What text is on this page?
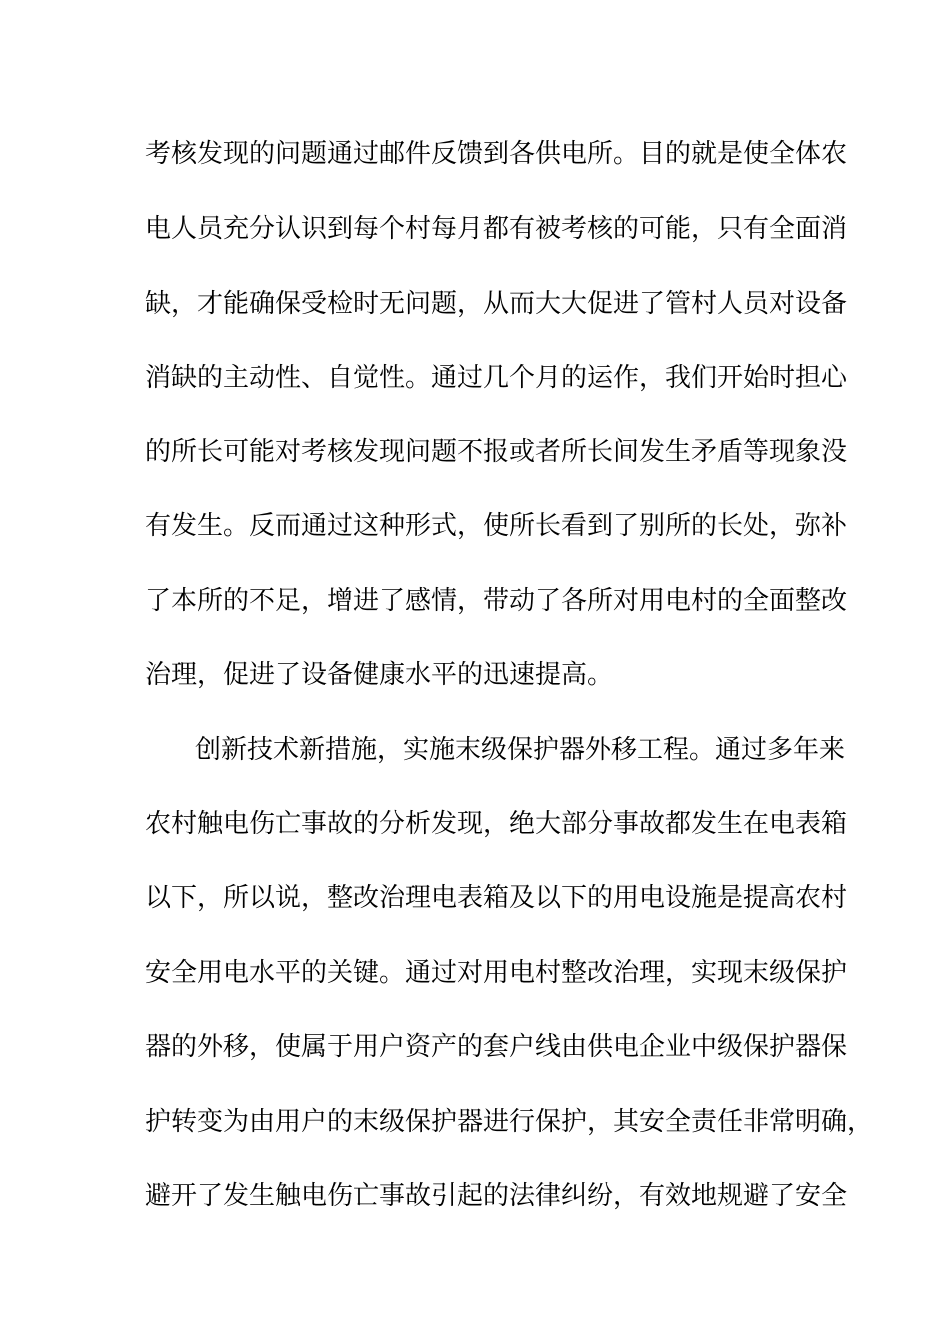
考核发现的问题通过邮件反馈到各供电所。目的就是使全体农
电人员充分认识到每个村每月都有被考核的可能，只有全面消
缺，才能确保受检时无问题，从而大大促进了管村人员对设备
消缺的主动性、自觉性。通过几个月的运作，我们开始时担心
的所长可能对考核发现问题不报或者所长间发生矛盾等现象没
有发生。反而通过这种形式，使所长看到了别所的长处，弥补
了本所的不足，增进了感情，带动了各所对用电村的全面整改
治理，促进了设备健康水平的迅速提高。
创新技术新措施，实施末级保护器外移工程。通过多年来
农村触电伤亡事故的分析发现，绝大部分事故都发生在电表箱
以下，所以说，整改治理电表箱及以下的用电设施是提高农村
安全用电水平的关键。通过对用电村整改治理，实现末级保护
器的外移，使属于用户资产的套户线由供电企业中级保护器保
护转变为由用户的末级保护器进行保护，其安全责任非常明确，
避开了发生触电伤亡事故引起的法律纠纷，有效地规避了安全
